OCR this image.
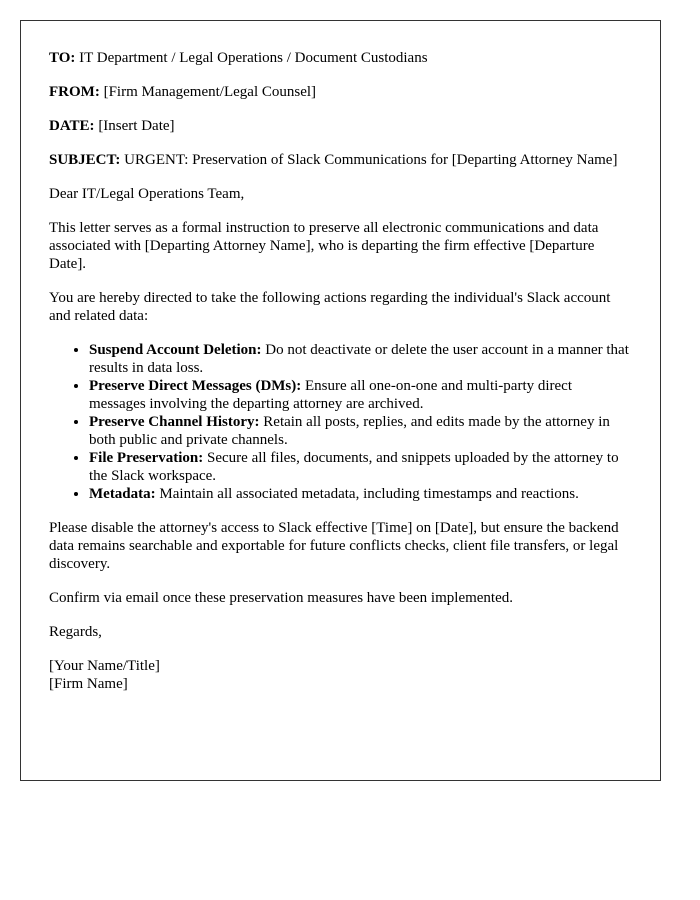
TO: IT Department / Legal Operations / Document Custodians

FROM: [Firm Management/Legal Counsel]

DATE: [Insert Date]

SUBJECT: URGENT: Preservation of Slack Communications for [Departing Attorney Name]

Dear IT/Legal Operations Team,

This letter serves as a formal instruction to preserve all electronic communications and data associated with [Departing Attorney Name], who is departing the firm effective [Departure Date].

You are hereby directed to take the following actions regarding the individual's Slack account and related data:

• Suspend Account Deletion: Do not deactivate or delete the user account in a manner that results in data loss.
• Preserve Direct Messages (DMs): Ensure all one-on-one and multi-party direct messages involving the departing attorney are archived.
• Preserve Channel History: Retain all posts, replies, and edits made by the attorney in both public and private channels.
• File Preservation: Secure all files, documents, and snippets uploaded by the attorney to the Slack workspace.
• Metadata: Maintain all associated metadata, including timestamps and reactions.

Please disable the attorney's access to Slack effective [Time] on [Date], but ensure the backend data remains searchable and exportable for future conflicts checks, client file transfers, or legal discovery.

Confirm via email once these preservation measures have been implemented.

Regards,

[Your Name/Title]
[Firm Name]
